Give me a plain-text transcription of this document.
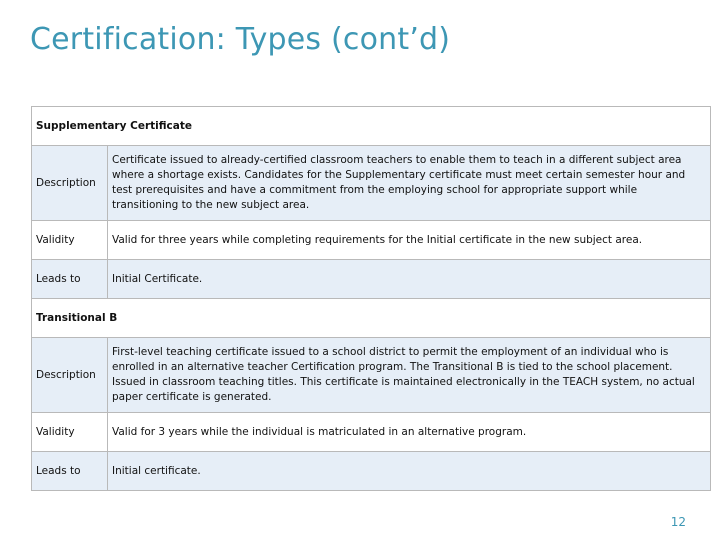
Certification: Types (cont’d)
Supplementary Certificate	
Description	Certificate issued to already-certified classroom teachers to enable them to teach in a different subject area where a shortage exists. Candidates for the Supplementary certificate must meet certain semester hour and test prerequisites and have a commitment from the employing school for appropriate support while transitioning to the new subject area.
Validity	Valid for three years while completing requirements for the Initial certificate in the new subject area.
Leads to	Initial Certificate.
Transitional B	
Description	First-level teaching certificate issued to a school district to permit the employment of an individual who is enrolled in an alternative teacher Certification program. The Transitional B is tied to the school placement. Issued in classroom teaching titles. This certificate is maintained electronically in the TEACH system, no actual paper certificate is generated.
Validity	Valid for 3 years while the individual is matriculated in an alternative program.
Leads to	Initial certificate.
12
